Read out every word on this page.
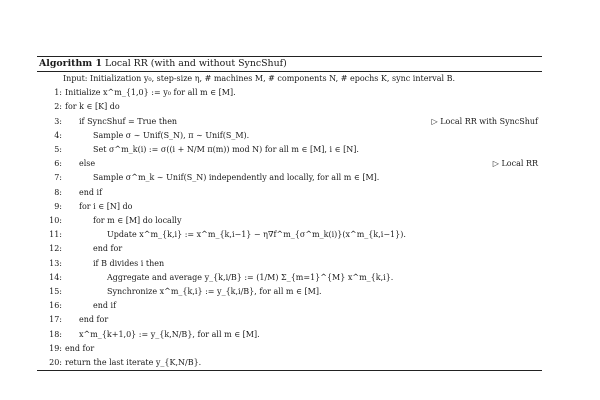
Algorithm 1 Local RR (with and without SyncShuf)
Input: Initialization y₀, step-size η, # machines M, # components N, # epochs K, sync interval B.
1: Initialize x^m_{1,0} := y₀ for all m ∈ [M].
2: for k ∈ [K] do
3: if SyncShuf = True then	▷ Local RR with SyncShuf
4:	Sample σ ∼ Unif(S_N), π ∼ Unif(S_M).
5:	Set σ^m_k(i) := σ((i + N/M π(m)) mod N) for all m ∈ [M], i ∈ [N].
6: else	▷ Local RR
7:	Sample σ^m_k ∼ Unif(S_N) independently and locally, for all m ∈ [M].
8: end if
9: for i ∈ [N] do
10:	for m ∈ [M] do locally
11:	Update x^m_{k,i} := x^m_{k,i−1} − η∇f^m_{σ^m_k(i)}(x^m_{k,i−1}).
12:	end for
13:	if B divides i then
14:	Aggregate and average y_{k,i/B} := (1/M) Σ_{m=1}^{M} x^m_{k,i}.
15:	Synchronize x^m_{k,i} := y_{k,i/B}, for all m ∈ [M].
16:	end if
17: end for
18: x^m_{k+1,0} := y_{k,N/B}, for all m ∈ [M].
19: end for
20: return the last iterate y_{K,N/B}.
